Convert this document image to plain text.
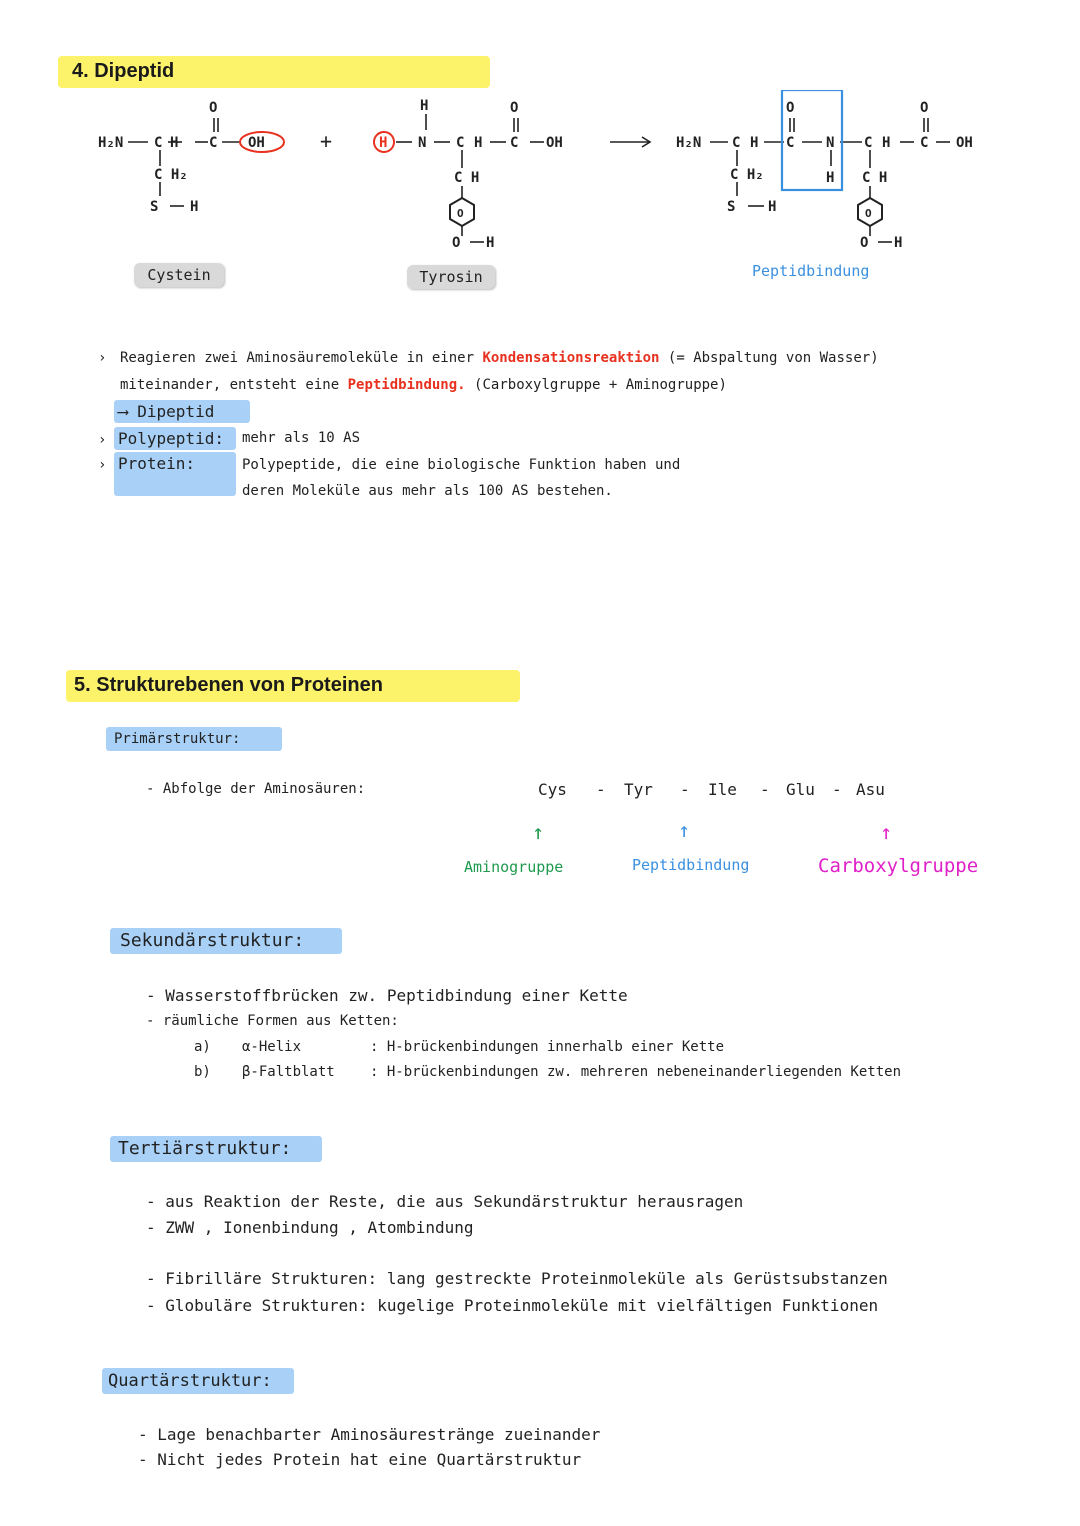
4. Dipeptid
H₂N C H C OH
O
C H₂
S H
+	H
H
N C H C
O
OH
C H
O
O H
H₂N C H C
O
N
H
C H C
O
OH
C H₂
S H
C H
O
O H
Cystein	Tyrosin	Peptidbindung
› Reagieren zwei Aminosäuremoleküle in einer Kondensationsreaktion (= Abspaltung von Wasser)
miteinander, entsteht eine Peptidbindung. (Carboxylgruppe + Aminogruppe)
⟶ Dipeptid
› Polypeptid:	mehr als 10 AS
› Protein:	Polypeptide, die eine biologische Funktion haben und
deren Moleküle aus mehr als 100 AS bestehen.
5. Strukturebenen von Proteinen
Primärstruktur:
- Abfolge der Aminosäuren:	Cys - Tyr - Ile - Glu - Asu
↑	↑	↑
Aminogruppe	Peptidbindung	Carboxylgruppe
Sekundärstruktur:
- Wasserstoffbrücken zw. Peptidbindung einer Kette
- räumliche Formen aus Ketten:
a) α-Helix	: H-brückenbindungen innerhalb einer Kette
b) β-Faltblatt	: H-brückenbindungen zw. mehreren nebeneinanderliegenden Ketten
Tertiärstruktur:
- aus Reaktion der Reste, die aus Sekundärstruktur herausragen
- ZWW , Ionenbindung , Atombindung
- Fibrilläre Strukturen: lang gestreckte Proteinmoleküle als Gerüstsubstanzen
- Globuläre Strukturen: kugelige Proteinmoleküle mit vielfältigen Funktionen
Quartärstruktur:
- Lage benachbarter Aminosäurestränge zueinander
- Nicht jedes Protein hat eine Quartärstruktur
